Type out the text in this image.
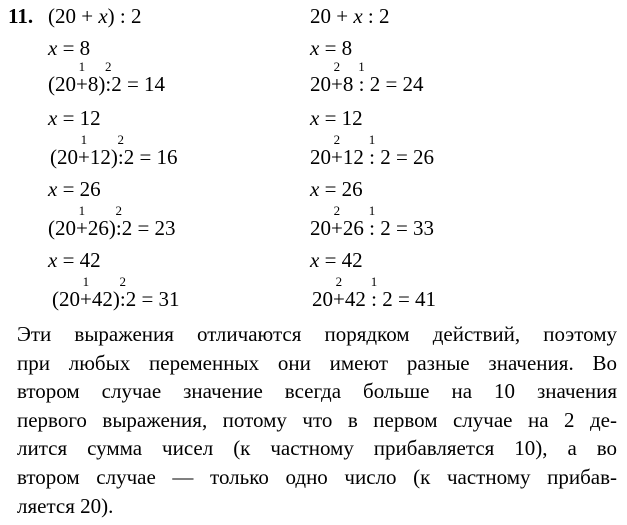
11. (20 + x) : 2
x = 8
(20+
1
8):
2
2 = 14
x = 12
(20+
1
12):
2
2 = 16
x = 26
(20+
1
26):
2
2 = 23
x = 42
(20+
1
42):
2
2 = 31
20 + x : 2
x = 8
20+
2
8 :
1
2 = 24
x = 12
20+
2
12 :
1
2 = 26
x = 26
20+
2
26 :
1
2 = 33
x = 42
20+
2
42 :
1
2 = 41
Эти выражения отличаются порядком действий, поэтому
при любых переменных они имеют разные значения. Во
втором случае значение всегда больше на 10 значения
первого выражения, потому что в первом случае на 2 де-
лится сумма чисел (к частному прибавляется 10), а во
втором случае — только одно число (к частному прибав-
ляется 20).
